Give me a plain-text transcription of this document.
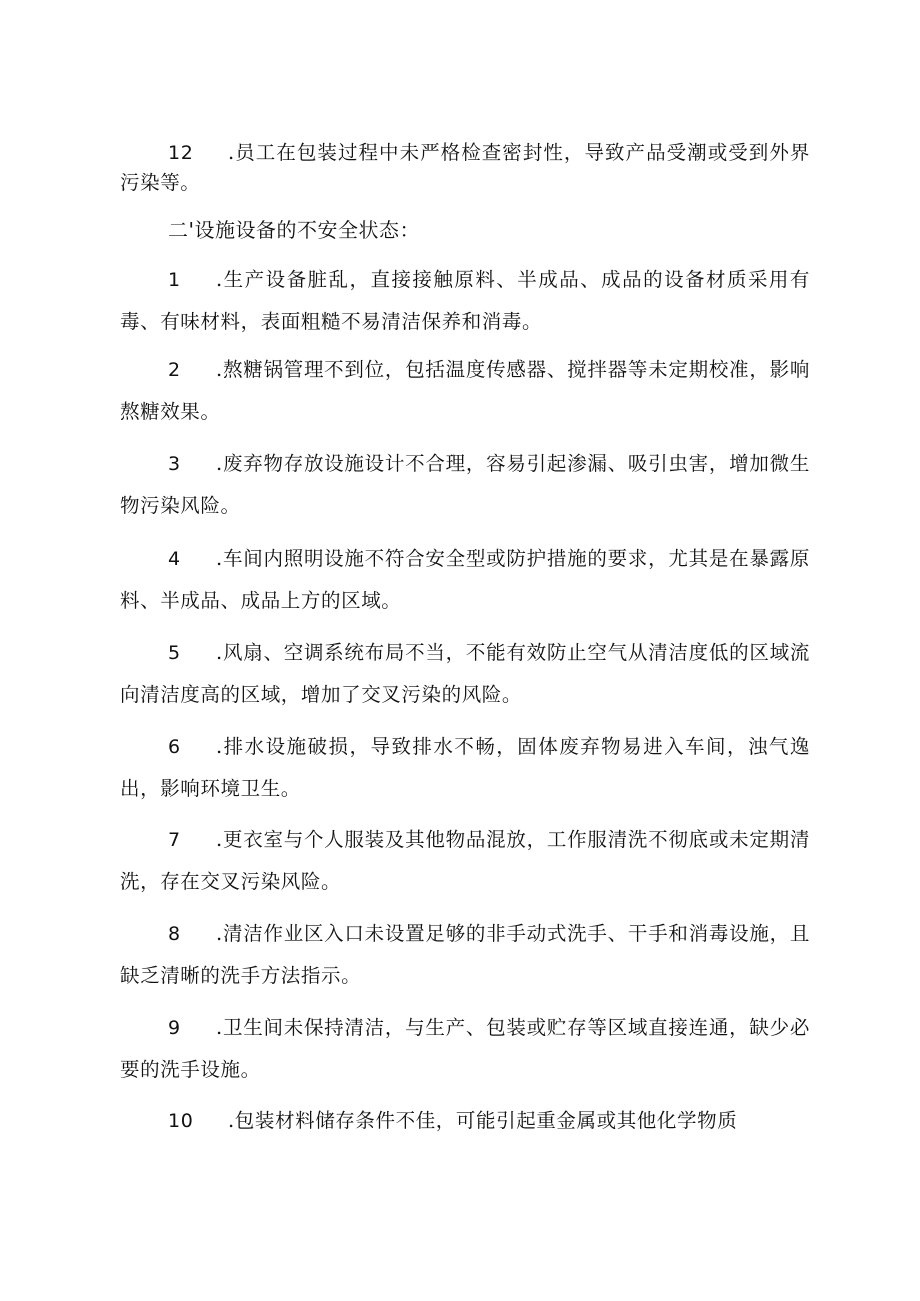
12 .员工在包装过程中未严格检查密封性，导致产品受潮或受到外界污染等。

二'设施设备的不安全状态：

1 .生产设备脏乱，直接接触原料、半成品、成品的设备材质采用有毒、有味材料，表面粗糙不易清洁保养和消毒。

2 .熬糖锅管理不到位，包括温度传感器、搅拌器等未定期校准，影响熬糖效果。

3 .废弃物存放设施设计不合理，容易引起渗漏、吸引虫害，增加微生物污染风险。

4 .车间内照明设施不符合安全型或防护措施的要求，尤其是在暴露原料、半成品、成品上方的区域。

5 .风扇、空调系统布局不当，不能有效防止空气从清洁度低的区域流向清洁度高的区域，增加了交叉污染的风险。

6 .排水设施破损，导致排水不畅，固体废弃物易进入车间，浊气逸出，影响环境卫生。

7 .更衣室与个人服装及其他物品混放，工作服清洗不彻底或未定期清洗，存在交叉污染风险。

8 .清洁作业区入口未设置足够的非手动式洗手、干手和消毒设施，且缺乏清晰的洗手方法指示。

9 .卫生间未保持清洁，与生产、包装或贮存等区域直接连通，缺少必要的洗手设施。

10 .包装材料储存条件不佳，可能引起重金属或其他化学物质
